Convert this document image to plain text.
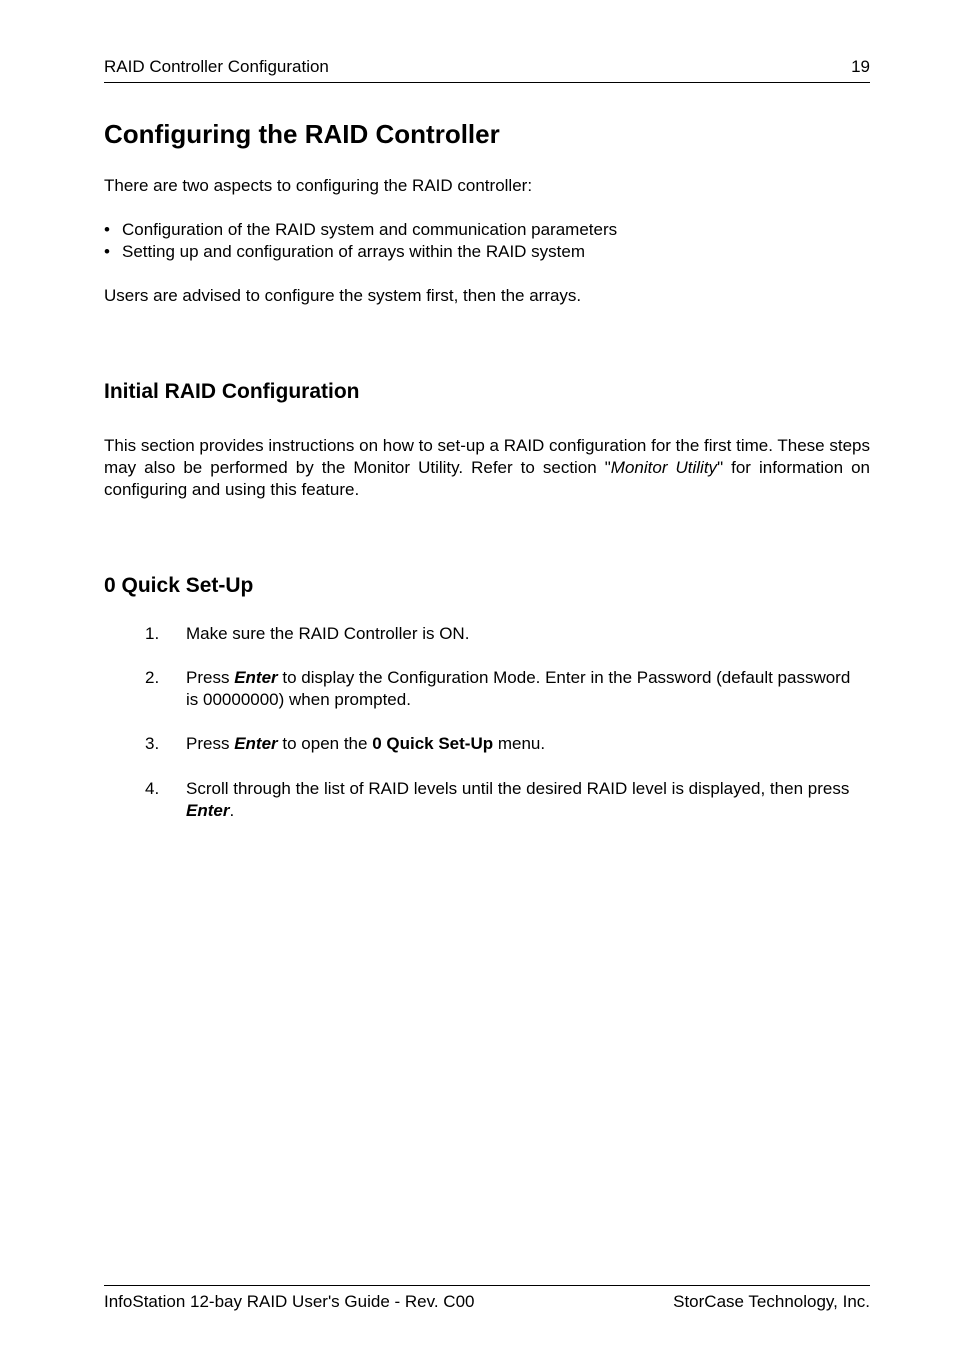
RAID Controller Configuration	19
Configuring the RAID Controller
There are two aspects to configuring the RAID controller:
• Configuration of the RAID system and communication parameters
• Setting up and configuration of arrays within the RAID system
Users are advised to configure the system first, then the arrays.
Initial RAID Configuration
This section provides instructions on how to set-up a RAID configuration for the first time. These steps may also be performed by the Monitor Utility. Refer to section "Monitor Utility" for information on configuring and using this feature.
0 Quick Set-Up
1. Make sure the RAID Controller is ON.
2. Press Enter to display the Configuration Mode. Enter in the Password (default password is 00000000) when prompted.
3. Press Enter to open the 0 Quick Set-Up menu.
4. Scroll through the list of RAID levels until the desired RAID level is displayed, then press Enter.
InfoStation 12-bay RAID User's Guide - Rev. C00	StorCase Technology, Inc.
